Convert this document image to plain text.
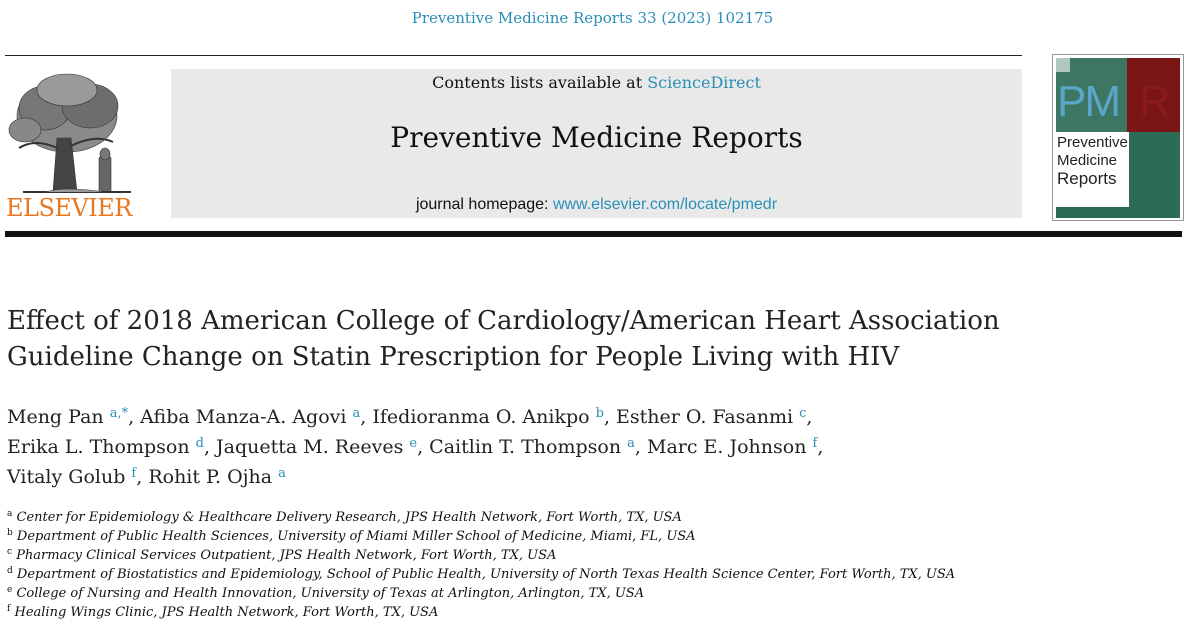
Preventive Medicine Reports 33 (2023) 102175
ELSEVIER
Contents lists available at ScienceDirect
Preventive Medicine Reports
journal homepage: www.elsevier.com/locate/pmedr
PM R
Preventive
Medicine
Reports
Effect of 2018 American College of Cardiology/American Heart Association
Guideline Change on Statin Prescription for People Living with HIV
Meng Pan $^{a,*}$, Afiba Manza-A. Agovi $^a$, Ifedioranma O. Anikpo $^b$, Esther O. Fasanmi $^c$,
Erika L. Thompson $^d$, Jaquetta M. Reeves $^e$, Caitlin T. Thompson $^a$, Marc E. Johnson $^f$,
Vitaly Golub $^f$, Rohit P. Ojha $^a$
$^a$ Center for Epidemiology & Healthcare Delivery Research, JPS Health Network, Fort Worth, TX, USA
$^b$ Department of Public Health Sciences, University of Miami Miller School of Medicine, Miami, FL, USA
$^c$ Pharmacy Clinical Services Outpatient, JPS Health Network, Fort Worth, TX, USA
$^d$ Department of Biostatistics and Epidemiology, School of Public Health, University of North Texas Health Science Center, Fort Worth, TX, USA
$^e$ College of Nursing and Health Innovation, University of Texas at Arlington, Arlington, TX, USA
$^f$ Healing Wings Clinic, JPS Health Network, Fort Worth, TX, USA
